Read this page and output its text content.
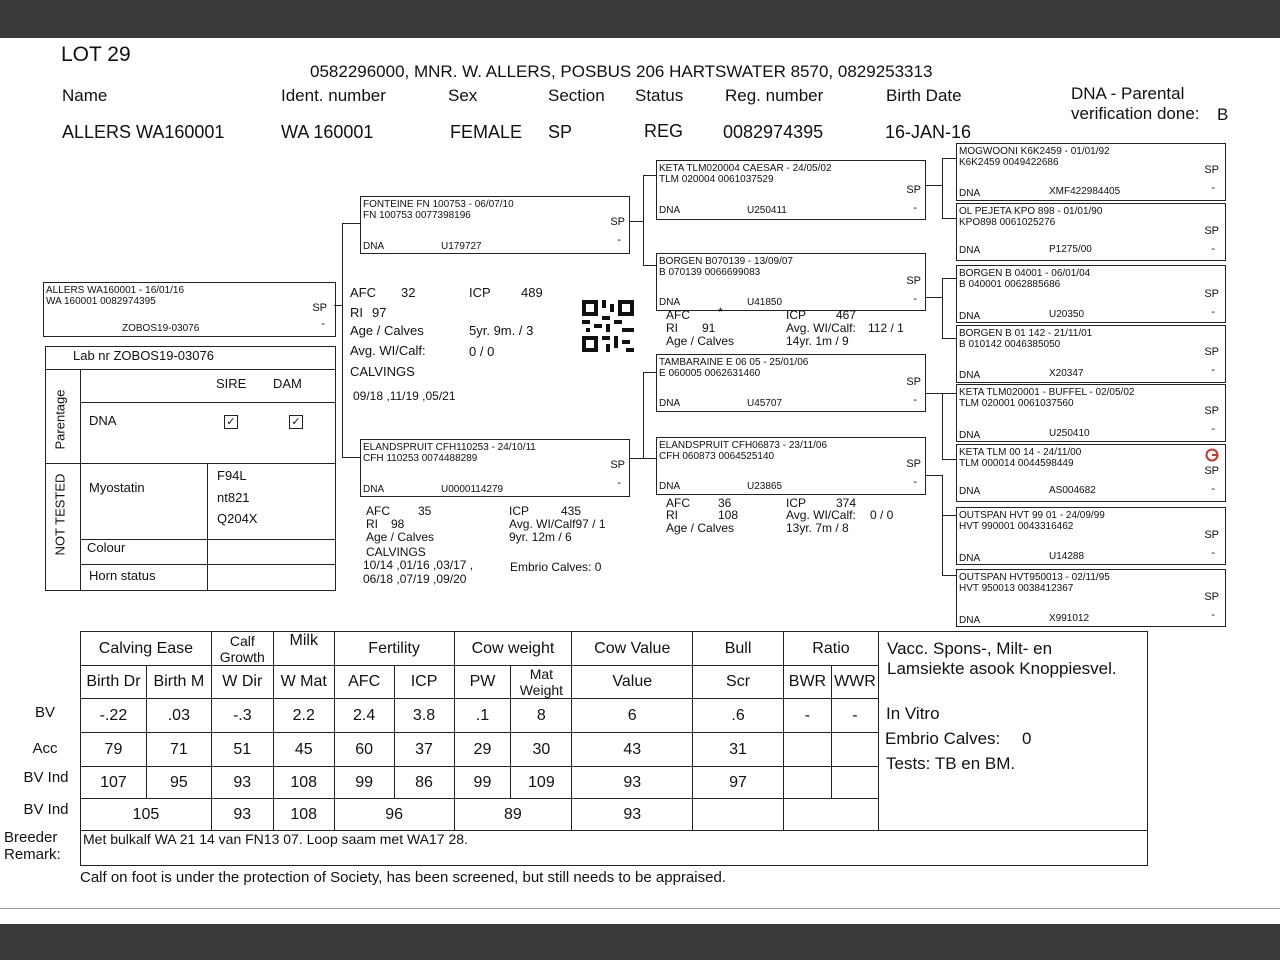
LOT 29
0582296000, MNR. W. ALLERS, POSBUS 206 HARTSWATER 8570, 0829253313
Name	Ident. number	Sex	Section Status Reg. number	Birth Date	DNA - Parental
verification done: B
ALLERS WA160001	WA 160001	FEMALE SP	REG 0082974395	16-JAN-16
ALLERS WA160001 - 16/01/16
WA 160001 0082974395
SP
-
ZOBOS19-03076
Lab nr ZOBOS19-03076
SIRE DAM
DNA	✓	✓
Parentage
NOT TESTED Myostatin
F94L
nt821
Q204X
Colour
Horn status
FONTEINE FN 100753 - 06/07/10
FN 100753 0077398196
SP
-
DNA	U179727
ELANDSPRUIT CFH110253 - 24/10/11
CFH 110253 0074488289
SP
-
DNA	U0000114279
KETA TLM020004 CAESAR - 24/05/02
TLM 020004 0061037529
SP
-
DNA	U250411
BORGEN B070139 - 13/09/07
B 070139 0066699083
SP
-
DNA	U41850
TAMBARAINE E 06 05 - 25/01/06
E 060005 0062631460
SP
-
DNA	U45707
ELANDSPRUIT CFH06873 - 23/11/06
CFH 060873 0064525140
SP
-
DNA	U23865
MOGWOONI K6K2459 - 01/01/92
K6K2459 0049422686
SP
-
DNA	XMF422984405
OL PEJETA KPO 898 - 01/01/90
KPO898 0061025276
SP
-
DNA	P1275/00
BORGEN B 04001 - 06/01/04
B 040001 0062885686
SP
-
DNA	U20350
BORGEN B 01 142 - 21/11/01
B 010142 0046385050
SP
-
DNA	X20347
KETA TLM020001 - BUFFEL - 02/05/02
TLM 020001 0061037560
SP
-
DNA	U250410
KETA TLM 00 14 - 24/11/00
TLM 000014 0044598449
SP
-
DNA	AS004682
OUTSPAN HVT 99 01 - 24/09/99
HVT 990001 0043316462
SP
-
DNA	U14288
OUTSPAN HVT950013 - 02/11/95
HVT 950013 0038412367
SP
-
DNA	X991012
AFC 32	ICP 489
RI 97
Age / Calves	5yr. 9m. / 3
Avg. WI/Calf:	0 / 0
CALVINGS
09/18 ,11/19 ,05/21
AFC *	ICP 467
RI 91	Avg. WI/Calf: 112 / 1
Age / Calves	14yr. 1m / 9
AFC 35	ICP	435
RI 98	Avg. WI/Calf97 / 1
Age / Calves	9yr. 12m / 6
CALVINGS
10/14 ,01/16 ,03/17 ,
06/18 ,07/19 ,09/20
Embrio Calves: 0
AFC 36	ICP 374
RI	108	Avg. WI/Calf: 0 / 0
Age / Calves	13yr. 7m / 8
Calving Ease		Calf Growth	Milk	Fertility		Cow weight		Cow Value	Bull	Ratio	
Birth Dr	Birth M	W Dir	W Mat	AFC	ICP	PW	Mat Weight	Value	Scr	BWR	WWR
-.22	.03	-.3	2.2	2.4	3.8	.1	8	6	.6	-	-
79	71	51	45	60	37	29	30	43	31		
107	95	93	108	99	86	99	109	93	97		
105		93	108	96		89		93			
BV
Acc
BV Ind
BV Ind
Vacc. Spons-, Milt- en
Lamsiekte asook Knoppiesvel.
In Vitro
Embrio Calves: 0
Tests: TB en BM.
Breeder
Remark:
Met bulkalf WA 21 14 van FN13 07. Loop saam met WA17 28.
Calf on foot is under the protection of Society, has been screened, but still needs to be appraised.
